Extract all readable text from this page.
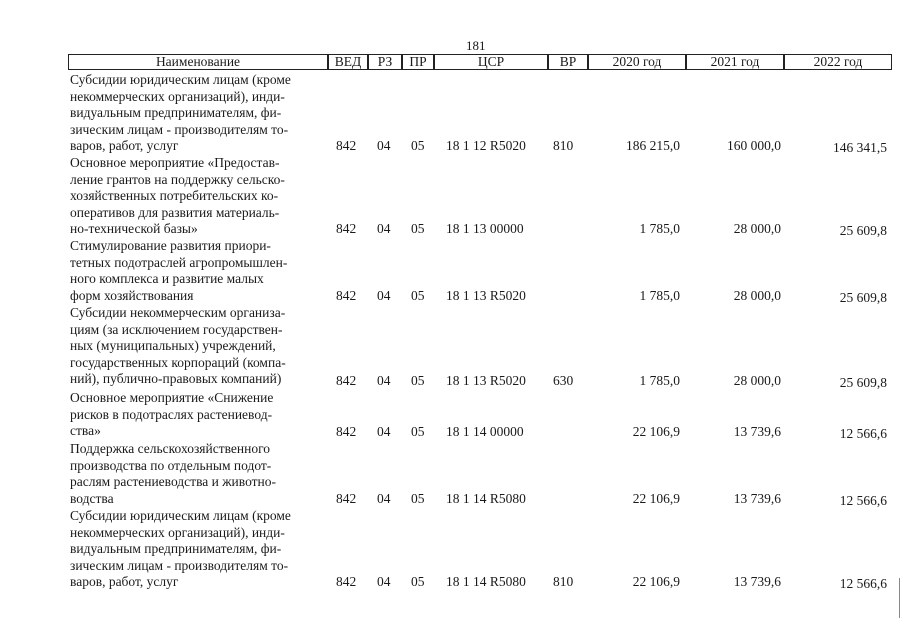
181
Наименование	ВЕД	РЗ	ПР	ЦСР	ВР	2020 год	2021 год	2022 год
Субсидии юридическим лицам (кроме
некоммерческих организаций), инди-
видуальным предпринимателям, фи-
зическим лицам - производителям то-
варов, работ, услуг	842 04 05 18 1 12 R5020 810	186 215,0	160 000,0	146 341,5
Основное мероприятие «Предостав-
ление грантов на поддержку сельско-
хозяйственных потребительских ко-
оперативов для развития материаль-
но-технической базы»	842 04 05 18 1 13 00000	1 785,0	28 000,0	25 609,8
Стимулирование развития приори-
тетных подотраслей агропромышлен-
ного комплекса и развитие малых
форм хозяйствования	842 04 05 18 1 13 R5020	1 785,0	28 000,0	25 609,8
Субсидии некоммерческим организа-
циям (за исключением государствен-
ных (муниципальных) учреждений,
государственных корпораций (компа-
ний), публично-правовых компаний)	842 04 05 18 1 13 R5020 630	1 785,0	28 000,0	25 609,8
Основное мероприятие «Снижение
рисков в подотраслях растениевод-
ства»	842 04 05 18 1 14 00000	22 106,9	13 739,6	12 566,6
Поддержка сельскохозяйственного
производства по отдельным подот-
раслям растениеводства и животно-
водства	842 04 05 18 1 14 R5080	22 106,9	13 739,6	12 566,6
Субсидии юридическим лицам (кроме
некоммерческих организаций), инди-
видуальным предпринимателям, фи-
зическим лицам - производителям то-
варов, работ, услуг	842 04 05 18 1 14 R5080 810	22 106,9	13 739,6	12 566,6
